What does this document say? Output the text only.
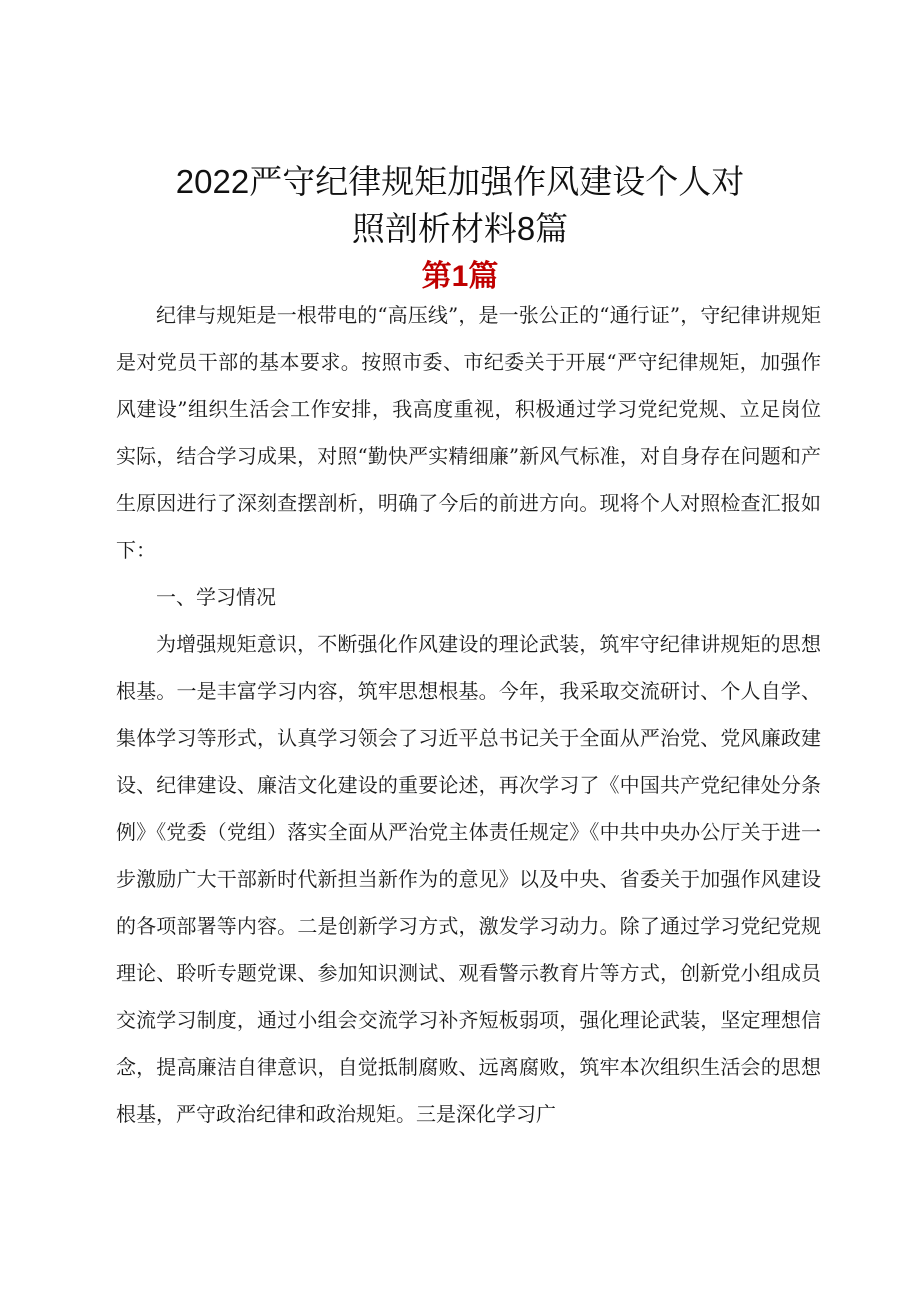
2022严守纪律规矩加强作风建设个人对
照剖析材料8篇
第1篇

纪律与规矩是一根带电的“高压线”，是一张公正的“通行证”，守纪律讲规矩是对党员干部的基本要求。按照市委、市纪委关于开展“严守纪律规矩，加强作风建设”组织生活会工作安排，我高度重视，积极通过学习党纪党规、立足岗位实际，结合学习成果，对照“勤快严实精细廉”新风气标准，对自身存在问题和产生原因进行了深刻查摆剖析，明确了今后的前进方向。现将个人对照检查汇报如下：

一、学习情况

为增强规矩意识，不断强化作风建设的理论武装，筑牢守纪律讲规矩的思想根基。一是丰富学习内容，筑牢思想根基。今年，我采取交流研讨、个人自学、集体学习等形式，认真学习领会了习近平总书记关于全面从严治党、党风廉政建设、纪律建设、廉洁文化建设的重要论述，再次学习了《中国共产党纪律处分条例》《党委（党组）落实全面从严治党主体责任规定》《中共中央办公厅关于进一步激励广大干部新时代新担当新作为的意见》以及中央、省委关于加强作风建设的各项部署等内容。二是创新学习方式，激发学习动力。除了通过学习党纪党规理论、聆听专题党课、参加知识测试、观看警示教育片等方式，创新党小组成员交流学习制度，通过小组会交流学习补齐短板弱项，强化理论武装，坚定理想信念，提高廉洁自律意识，自觉抵制腐败、远离腐败，筑牢本次组织生活会的思想根基，严守政治纪律和政治规矩。三是深化学习广
